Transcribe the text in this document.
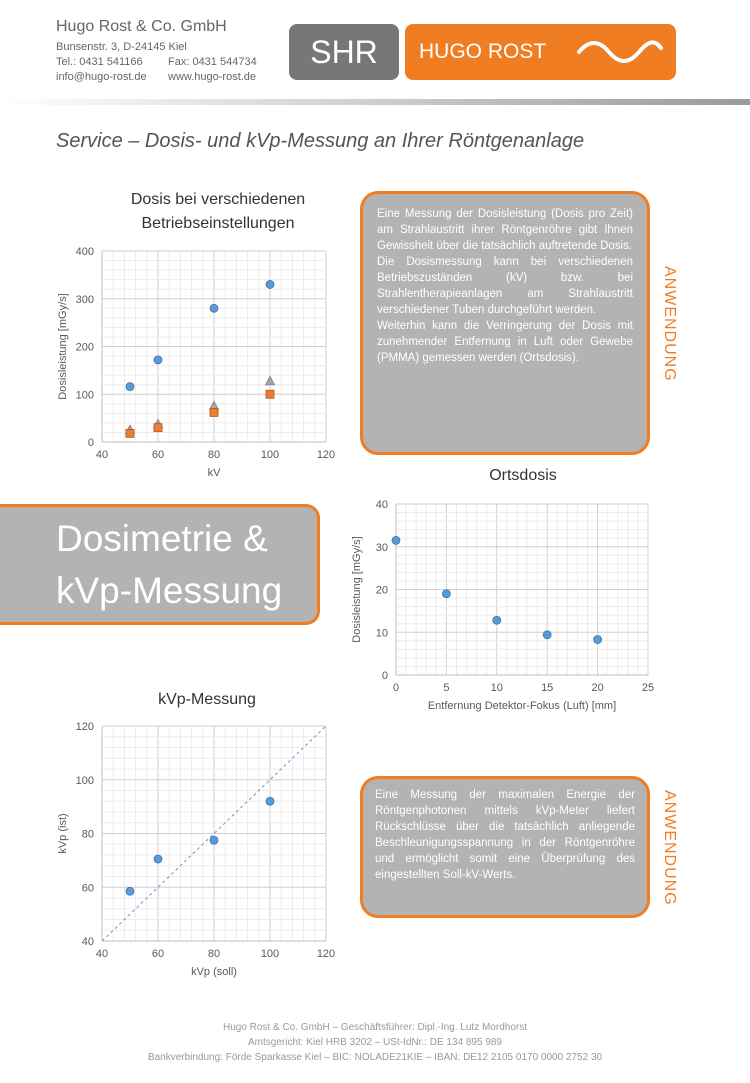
Hugo Rost & Co. GmbH
Bunsenstr. 3, D-24145 Kiel
Tel.: 0431 541166 Fax: 0431 544734
info@hugo-rost.de www.hugo-rost.de
SHR	HUGO ROST
Service – Dosis- und kVp-Messung an Ihrer Röntgenanlage
Dosis bei verschiedenen
Betriebseinstellungen
40	60	80	100	120
0
100
200
300
400
kV
Dosisleistung [mGy/s]
Eine Messung der Dosisleistung (Dosis pro Zeit) am Strahlaustritt ihrer Röntgenröhre gibt Ihnen Gewissheit über die tatsächlich auftretende Dosis.
Die Dosismessung kann bei verschiedenen Betriebszuständen (kV) bzw. bei Strahlentherapieanlagen am Strahlaustritt verschiedener Tuben durchgeführt werden.
Weiterhin kann die Verringerung der Dosis mit zunehmender Entfernung in Luft oder Gewebe (PMMA) gemessen werden (Ortsdosis).	ANWENDUNG
Dosimetrie &
kVp-Messung
Ortsdosis
0	5	10	15	20	25
0
10
20
30
40
Entfernung Detektor-Fokus (Luft) [mm]
Dosisleistung [mGy/s]
kVp-Messung
40	60	80	100	120
40
60
80
100
120
kVp (soll)
kVp (ist)
Eine Messung der maximalen Energie der Röntgenphotonen mittels kVp-Meter liefert Rückschlüsse über die tatsächlich anliegende Beschleunigungsspannung in der Röntgenröhre und ermöglicht somit eine Überprüfung des eingestellten Soll-kV-Werts.	ANWENDUNG
Hugo Rost & Co. GmbH – Geschäftsführer: Dipl.-Ing. Lutz Mordhorst
Amtsgericht: Kiel HRB 3202 – USt-IdNr.: DE 134 895 989
Bankverbindung: Förde Sparkasse Kiel – BIC: NOLADE21KIE – IBAN: DE12 2105 0170 0000 2752 30
